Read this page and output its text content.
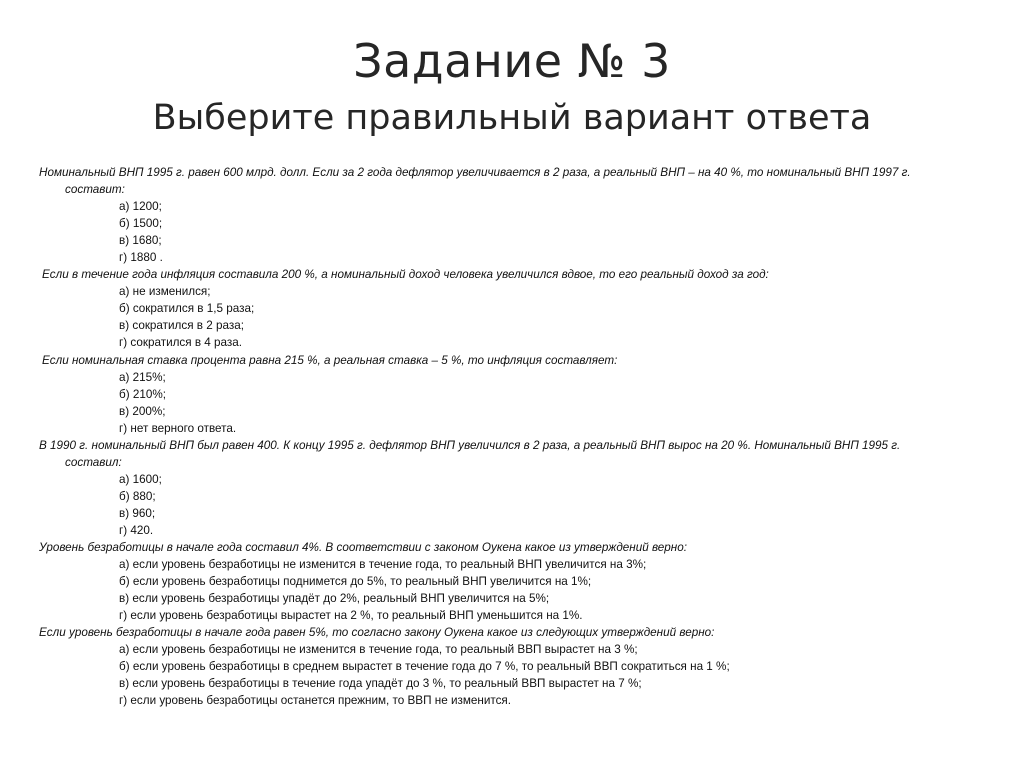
Задание № 3
Выберите правильный вариант ответа
Номинальный ВНП 1995 г. равен 600 млрд. долл. Если за 2 года дефлятор увеличивается в 2 раза, а реальный ВНП – на 40 %, то номинальный ВНП 1997 г. составит:
а) 1200;
б) 1500;
в) 1680;
г) 1880 .
Если в течение года инфляция составила 200 %, а номинальный доход человека увеличился вдвое, то его реальный доход за год:
а) не изменился;
б) сократился в 1,5 раза;
в) сократился в 2 раза;
г) сократился в 4 раза.
Если номинальная ставка процента равна 215 %, а реальная ставка – 5 %, то инфляция составляет:
а) 215%;
б) 210%;
в) 200%;
г) нет верного ответа.
В 1990 г. номинальный ВНП был равен 400. К концу 1995 г. дефлятор ВНП увеличился в 2 раза, а реальный ВНП вырос на 20 %. Номинальный ВНП 1995 г. составил:
а) 1600;
б) 880;
в) 960;
г) 420.
Уровень безработицы в начале года составил 4%. В соответствии с законом Оукена какое из утверждений верно:
а) если уровень безработицы не изменится в течение года, то реальный ВНП увеличится на 3%;
б) если уровень безработицы поднимется до 5%, то реальный ВНП увеличится на 1%;
в) если уровень безработицы упадёт до 2%, реальный ВНП увеличится на 5%;
г) если уровень безработицы вырастет на 2 %, то реальный ВНП уменьшится на 1%.
Если уровень безработицы в начале года равен 5%, то согласно закону Оукена какое из следующих утверждений верно:
а) если уровень безработицы не изменится в течение года, то реальный ВВП вырастет на 3 %;
б) если уровень безработицы в среднем вырастет в течение года до 7 %, то реальный ВВП сократиться на 1 %;
в) если уровень безработицы в течение года упадёт до 3 %, то реальный ВВП вырастет на 7 %;
г) если уровень безработицы останется прежним, то ВВП не изменится.
